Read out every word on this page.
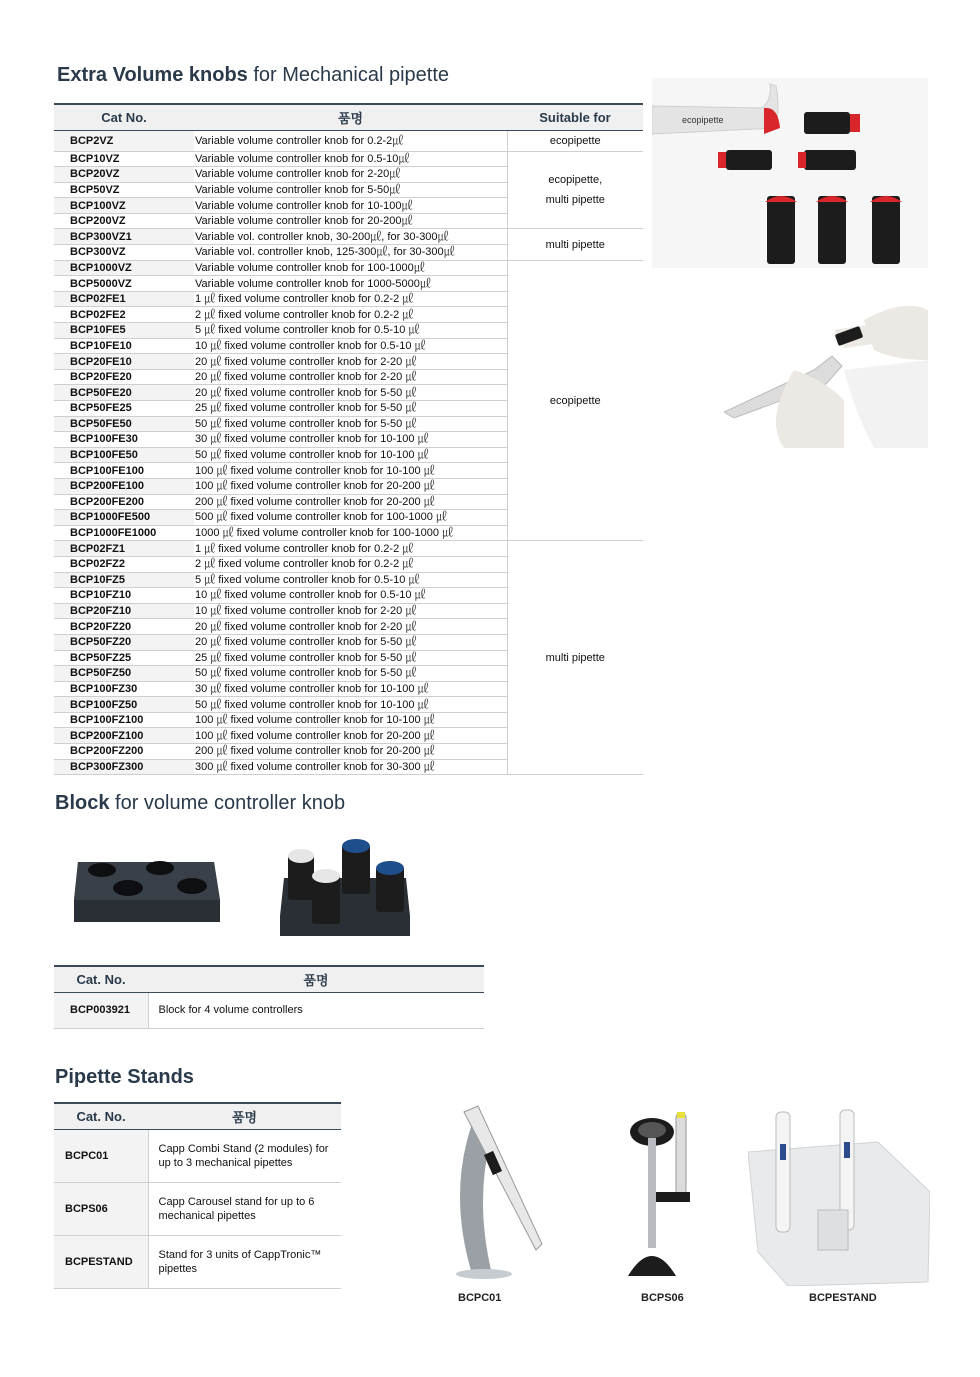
Extra Volume knobs for Mechanical pipette
Cat No.	품명	Suitable for
BCP2VZ	Variable volume controller knob for 0.2-2㎕	ecopipette
BCP10VZ	Variable volume controller knob for 0.5-10㎕	ecopipette,
multi pipette
BCP20VZ	Variable volume controller knob for 2-20㎕	
BCP50VZ	Variable volume controller knob for 5-50㎕	
BCP100VZ	Variable volume controller knob for 10-100㎕	
BCP200VZ	Variable volume controller knob for 20-200㎕	
BCP300VZ1	Variable vol. controller knob, 30-200㎕, for 30-300㎕	multi pipette
BCP300VZ	Variable vol. controller knob, 125-300㎕, for 30-300㎕	
BCP1000VZ	Variable volume controller knob for 100-1000㎕	ecopipette
BCP5000VZ	Variable volume controller knob for 1000-5000㎕	
BCP02FE1	1 ㎕ fixed volume controller knob for 0.2-2 ㎕	
BCP02FE2	2 ㎕ fixed volume controller knob for 0.2-2 ㎕	
BCP10FE5	5 ㎕ fixed volume controller knob for 0.5-10 ㎕	
BCP10FE10	10 ㎕ fixed volume controller knob for 0.5-10 ㎕	
BCP20FE10	20 ㎕ fixed volume controller knob for 2-20 ㎕	
BCP20FE20	20 ㎕ fixed volume controller knob for 2-20 ㎕	
BCP50FE20	20 ㎕ fixed volume controller knob for 5-50 ㎕	
BCP50FE25	25 ㎕ fixed volume controller knob for 5-50 ㎕	
BCP50FE50	50 ㎕ fixed volume controller knob for 5-50 ㎕	
BCP100FE30	30 ㎕ fixed volume controller knob for 10-100 ㎕	
BCP100FE50	50 ㎕ fixed volume controller knob for 10-100 ㎕	
BCP100FE100	100 ㎕ fixed volume controller knob for 10-100 ㎕	
BCP200FE100	100 ㎕ fixed volume controller knob for 20-200 ㎕	
BCP200FE200	200 ㎕ fixed volume controller knob for 20-200 ㎕	
BCP1000FE500	500 ㎕ fixed volume controller knob for 100-1000 ㎕	
BCP1000FE1000	1000 ㎕ fixed volume controller knob for 100-1000 ㎕	
BCP02FZ1	1 ㎕ fixed volume controller knob for 0.2-2 ㎕	multi pipette
BCP02FZ2	2 ㎕ fixed volume controller knob for 0.2-2 ㎕	
BCP10FZ5	5 ㎕ fixed volume controller knob for 0.5-10 ㎕	
BCP10FZ10	10 ㎕ fixed volume controller knob for 0.5-10 ㎕	
BCP20FZ10	10 ㎕ fixed volume controller knob for 2-20 ㎕	
BCP20FZ20	20 ㎕ fixed volume controller knob for 2-20 ㎕	
BCP50FZ20	20 ㎕ fixed volume controller knob for 5-50 ㎕	
BCP50FZ25	25 ㎕ fixed volume controller knob for 5-50 ㎕	
BCP50FZ50	50 ㎕ fixed volume controller knob for 5-50 ㎕	
BCP100FZ30	30 ㎕ fixed volume controller knob for 10-100 ㎕	
BCP100FZ50	50 ㎕ fixed volume controller knob for 10-100 ㎕	
BCP100FZ100	100 ㎕ fixed volume controller knob for 10-100 ㎕	
BCP200FZ100	100 ㎕ fixed volume controller knob for 20-200 ㎕	
BCP200FZ200	200 ㎕ fixed volume controller knob for 20-200 ㎕	
BCP300FZ300	300 ㎕ fixed volume controller knob for 30-300 ㎕	
ecopipette
Block for volume controller knob
Cat. No.	품명
BCP003921	Block for 4 volume controllers
Pipette Stands
Cat. No.	품명
BCPC01	Capp Combi Stand (2 modules) for up to 3 mechanical pipettes
BCPS06	Capp Carousel stand for up to 6 mechanical pipettes
BCPESTAND	Stand for 3 units of CappTronic™ pipettes
BCPC01	BCPS06	BCPESTAND
